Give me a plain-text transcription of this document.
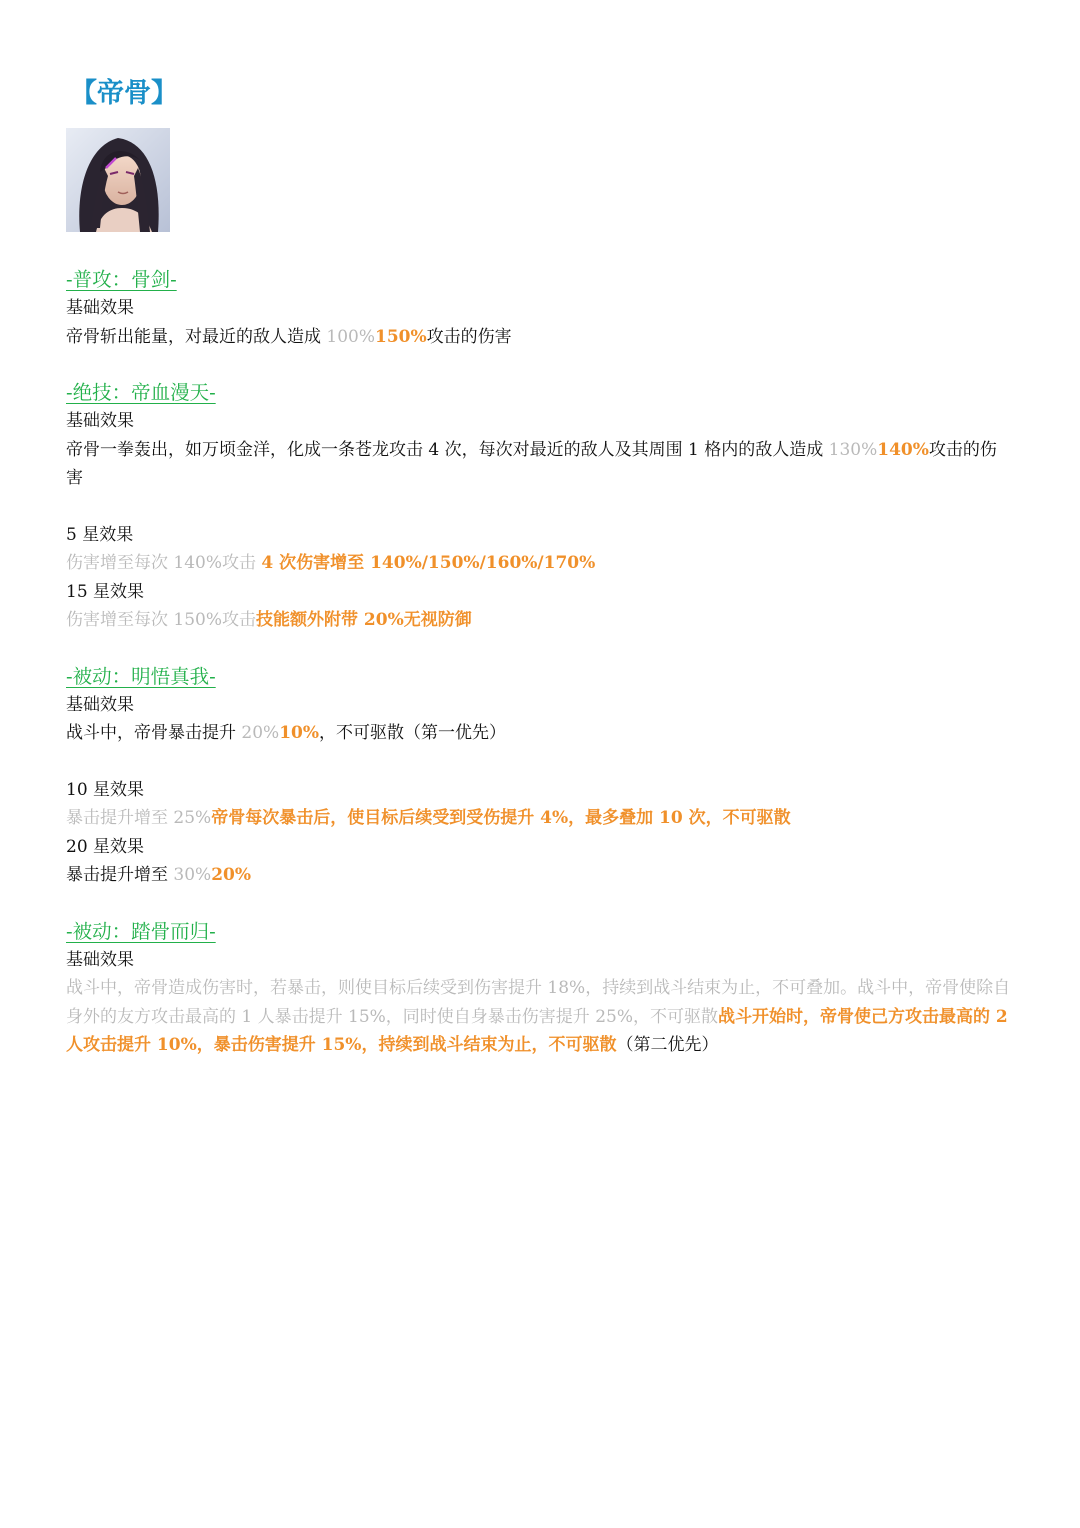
【帝骨】
-普攻：骨剑-
基础效果
帝骨斩出能量，对最近的敌人造成 100%150%攻击的伤害
-绝技：帝血漫天-
基础效果
帝骨一拳轰出，如万顷金洋，化成一条苍龙攻击 4 次，每次对最近的敌人及其周围 1 格内的敌人造成 130%140%攻击的伤害
5 星效果
伤害增至每次 140%攻击 4 次伤害增至 140%/150%/160%/170%
15 星效果
伤害增至每次 150%攻击技能额外附带 20%无视防御
-被动：明悟真我-
基础效果
战斗中，帝骨暴击提升 20%10%，不可驱散（第一优先）
10 星效果
暴击提升增至 25%帝骨每次暴击后，使目标后续受到受伤提升 4%，最多叠加 10 次，不可驱散
20 星效果
暴击提升增至 30%20%
-被动：踏骨而归-
基础效果
战斗中，帝骨造成伤害时，若暴击，则使目标后续受到伤害提升 18%，持续到战斗结束为止，不可叠加。战斗中，帝骨使除自身外的友方攻击最高的 1 人暴击提升 15%，同时使自身暴击伤害提升 25%，不可驱散战斗开始时，帝骨使己方攻击最高的 2 人攻击提升 10%，暴击伤害提升 15%，持续到战斗结束为止，不可驱散（第二优先）
